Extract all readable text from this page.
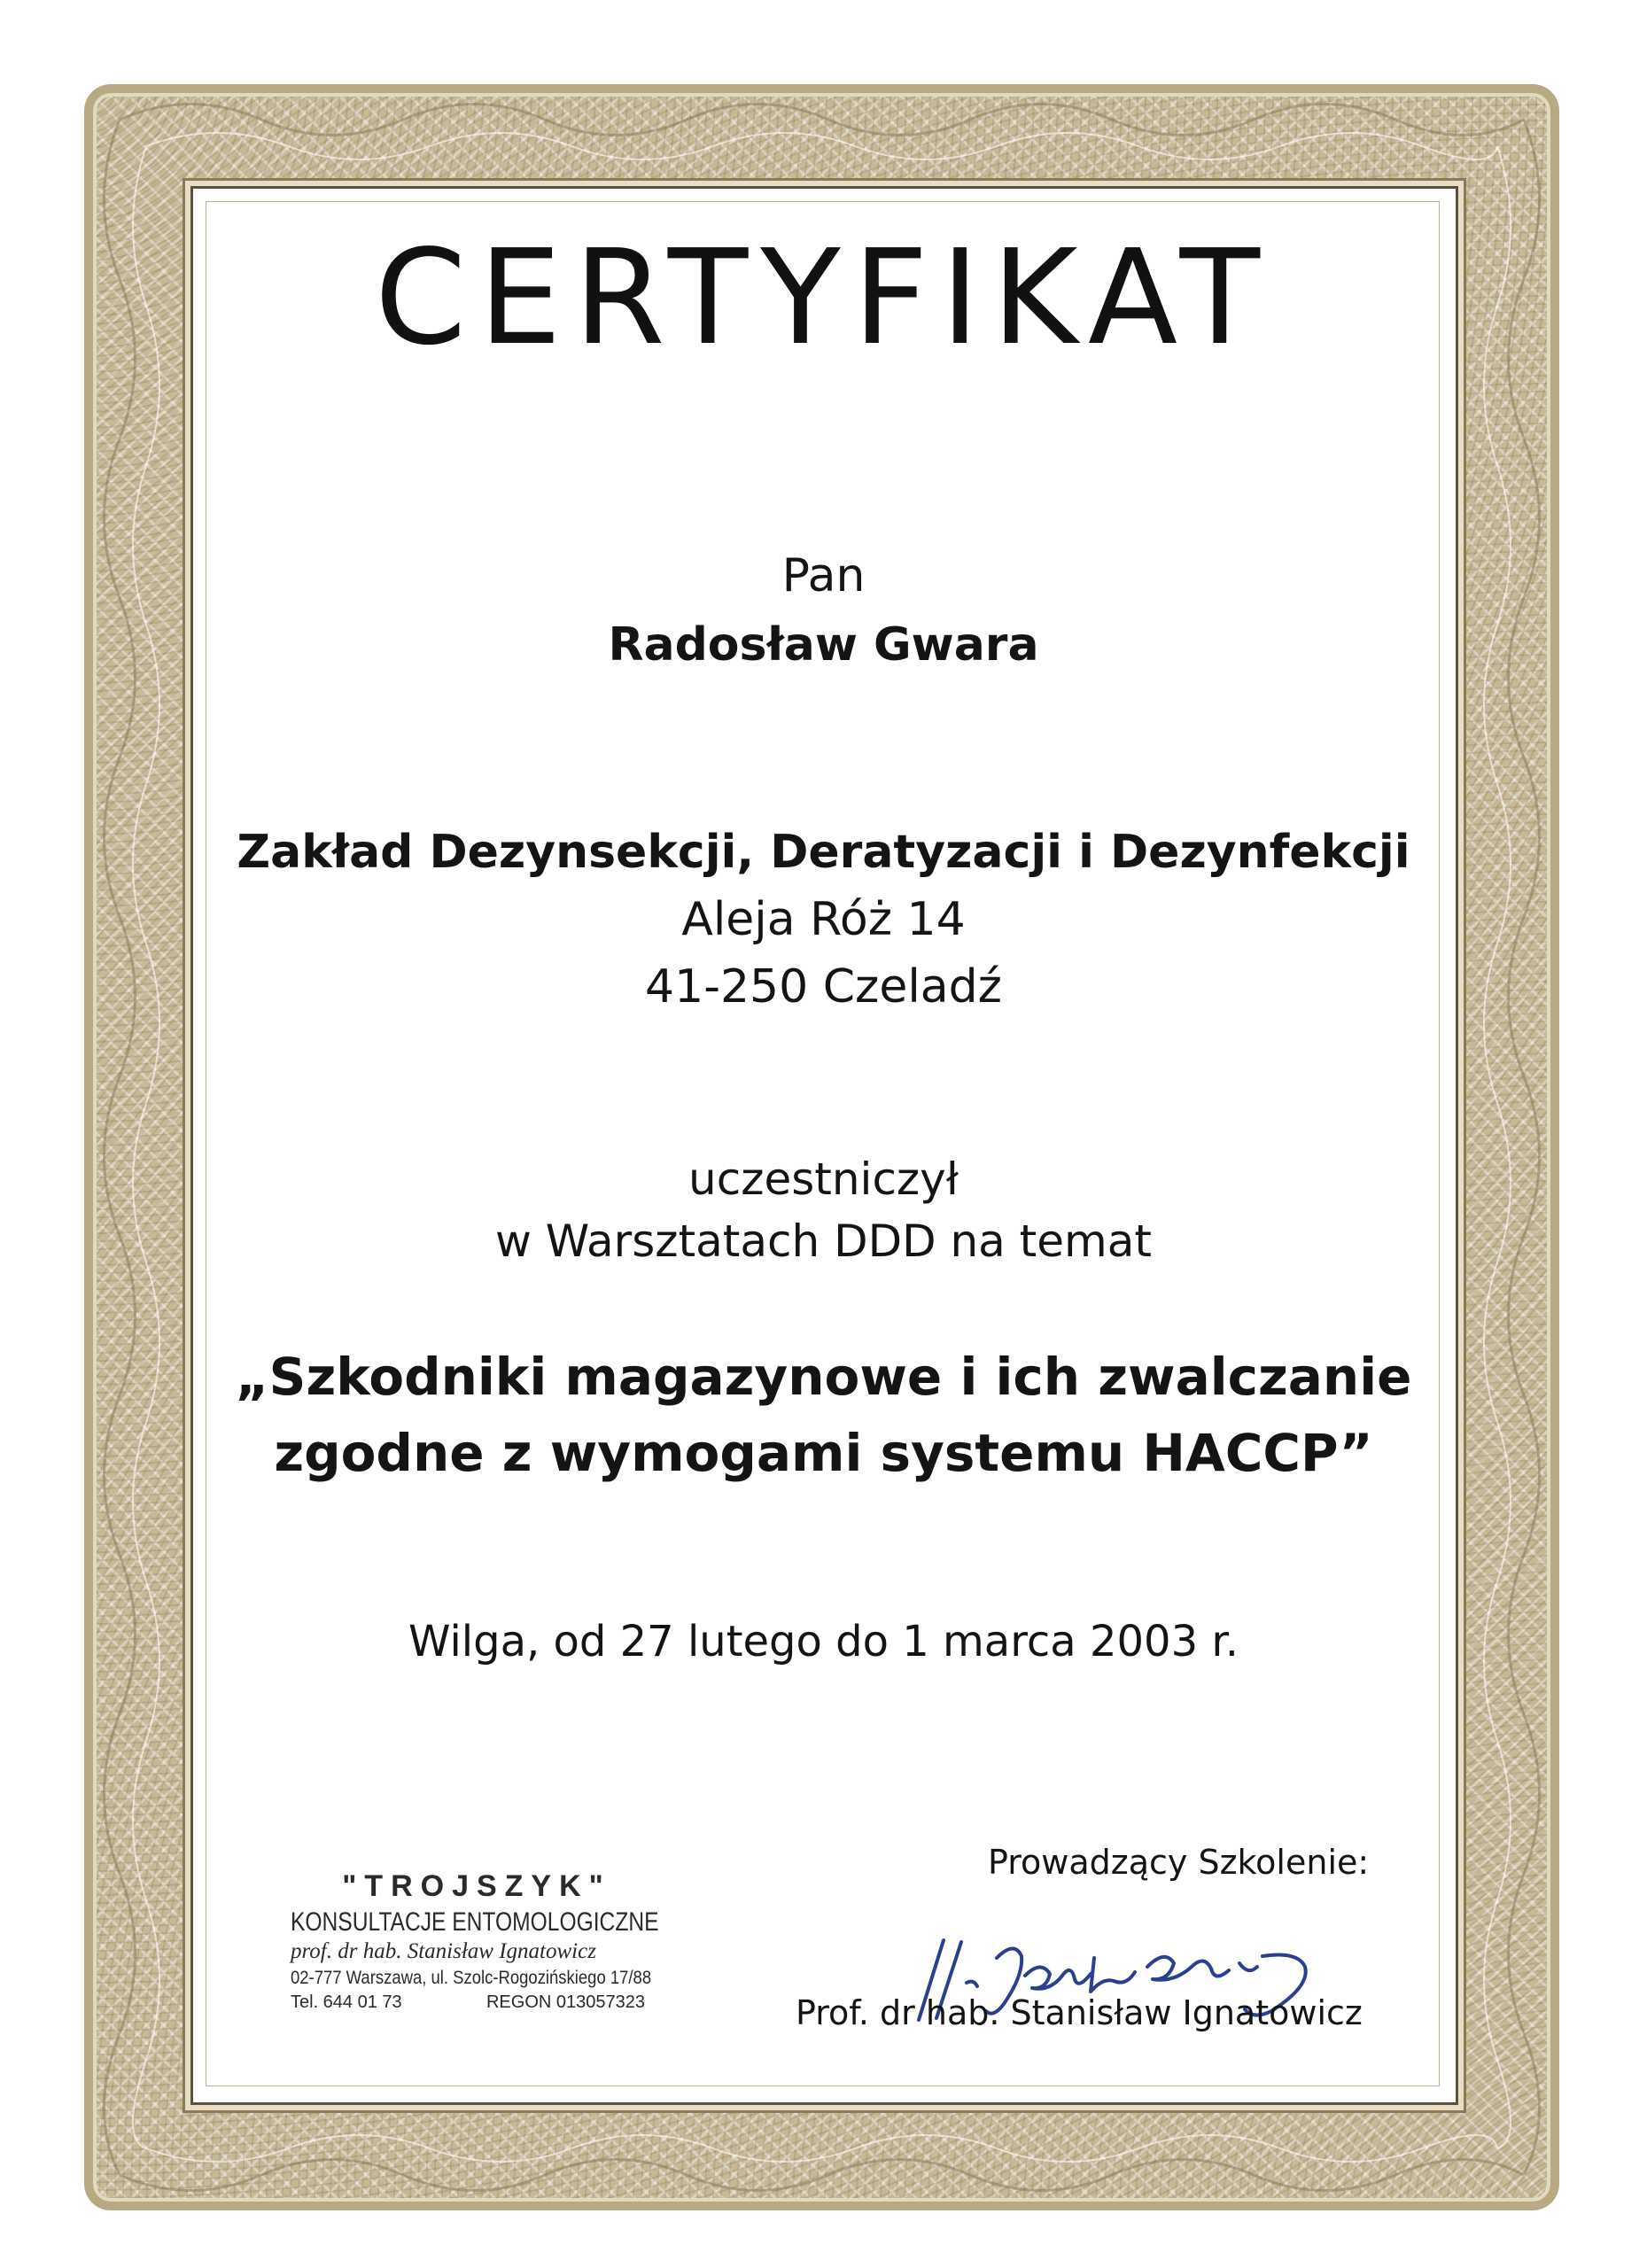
CERTYFIKAT
Pan
Radosław Gwara
Zakład Dezynsekcji, Deratyzacji i Dezynfekcji
Aleja Róż 14
41-250 Czeladź
uczestniczył
w Warsztatach DDD na temat
„Szkodniki magazynowe i ich zwalczanie
zgodne z wymogami systemu HACCP”
Wilga, od 27 lutego do 1 marca 2003 r.
"TROJSZYK"
KONSULTACJE ENTOMOLOGICZNE
prof. dr hab. Stanisław Ignatowicz
02-777 Warszawa, ul. Szolc-Rogozińskiego 17/88
Tel. 644 01 73	REGON 013057323
Prowadzący Szkolenie:
Prof. dr hab. Stanisław Ignatowicz
